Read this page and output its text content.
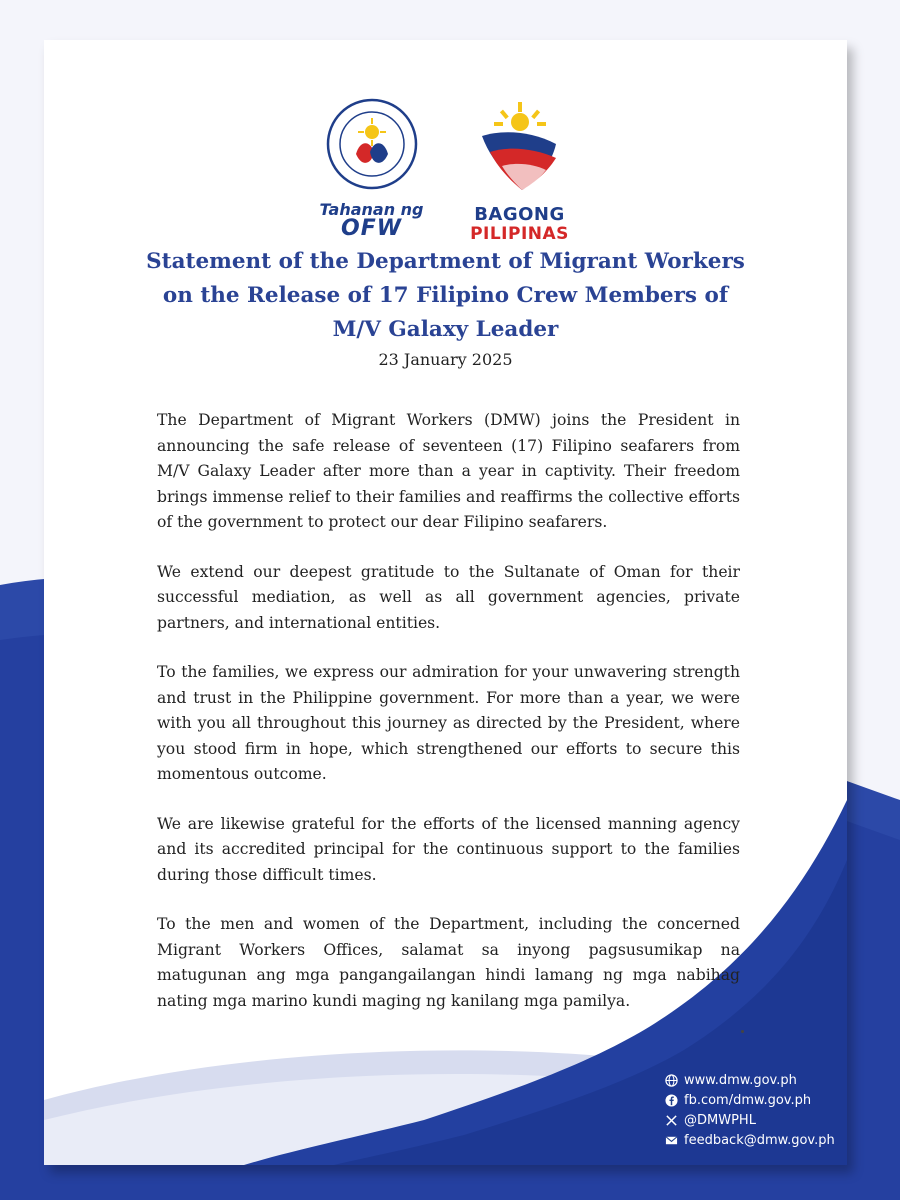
Tahanan ng
OFW
BAGONG
PILIPINAS
Statement of the Department of Migrant Workers
on the Release of 17 Filipino Crew Members of
M/V Galaxy Leader
23 January 2025

The Department of Migrant Workers (DMW) joins the President in announcing the safe release of seventeen (17) Filipino seafarers from M/V Galaxy Leader after more than a year in captivity. Their freedom brings immense relief to their families and reaffirms the collective efforts of the government to protect our dear Filipino seafarers.

We extend our deepest gratitude to the Sultanate of Oman for their successful mediation, as well as all government agencies, private partners, and international entities.

To the families, we express our admiration for your unwavering strength and trust in the Philippine government. For more than a year, we were with you all throughout this journey as directed by the President, where you stood firm in hope, which strengthened our efforts to secure this momentous outcome.

We are likewise grateful for the efforts of the licensed manning agency and its accredited principal for the continuous support to the families during those difficult times.

To the men and women of the Department, including the concerned Migrant Workers Offices, salamat sa inyong pagsusumikap na matugunan ang mga pangangailangan hindi lamang ng mga nabihag nating mga marino kundi maging ng kanilang mga pamilya.

www.dmw.gov.ph
fb.com/dmw.gov.ph
@DMWPHL
feedback@dmw.gov.ph
